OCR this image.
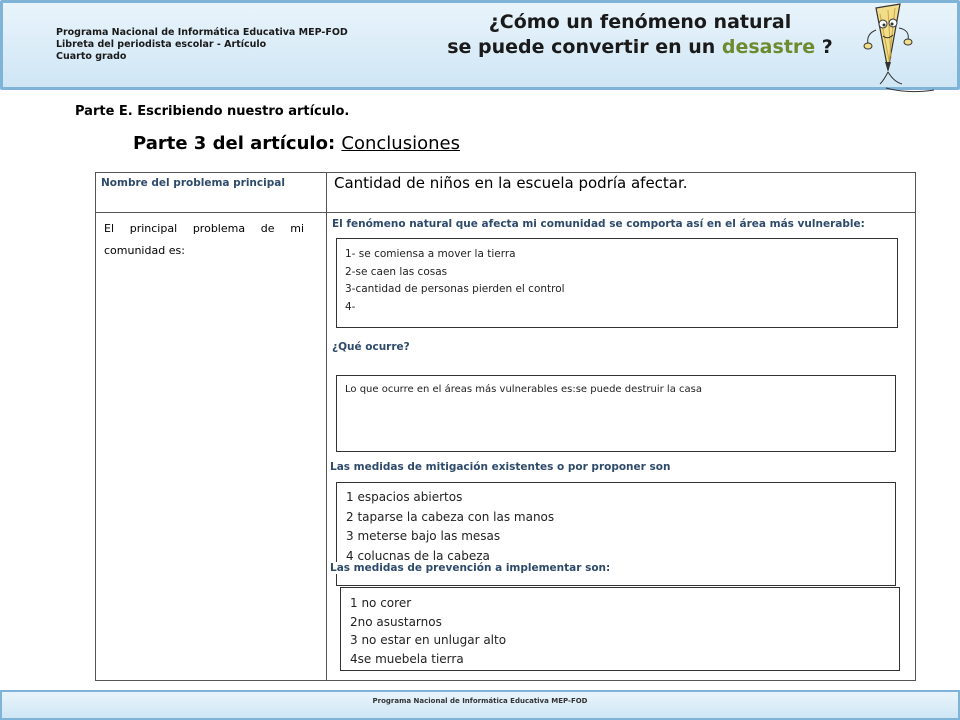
Programa Nacional de Informática Educativa MEP-FOD
Libreta del periodista escolar - Artículo
Cuarto grado
¿Cómo un fenómeno natural
se puede convertir en un desastre ?
Parte E. Escribiendo nuestro artículo.
Parte 3 del artículo: Conclusiones
Nombre del problema principal	Cantidad de niños en la escuela podría afectar.
El principal problema de mi comunidad es:
El fenómeno natural que afecta mi comunidad se comporta así en el área más vulnerable:
1- se comiensa a mover la tierra
2-se caen las cosas
3-cantidad de personas pierden el control
4-
¿Qué ocurre?
Lo que ocurre en el áreas más vulnerables es:se puede destruir la casa
Las medidas de mitigación existentes o por proponer son
1 espacios abiertos
2 taparse la cabeza con las manos
3 meterse bajo las mesas
4 colucnas de la cabeza
Las medidas de prevención a implementar son:
1 no corer
2no asustarnos
3 no estar en unlugar alto
4se muebela tierra
Programa Nacional de Informática Educativa MEP-FOD
